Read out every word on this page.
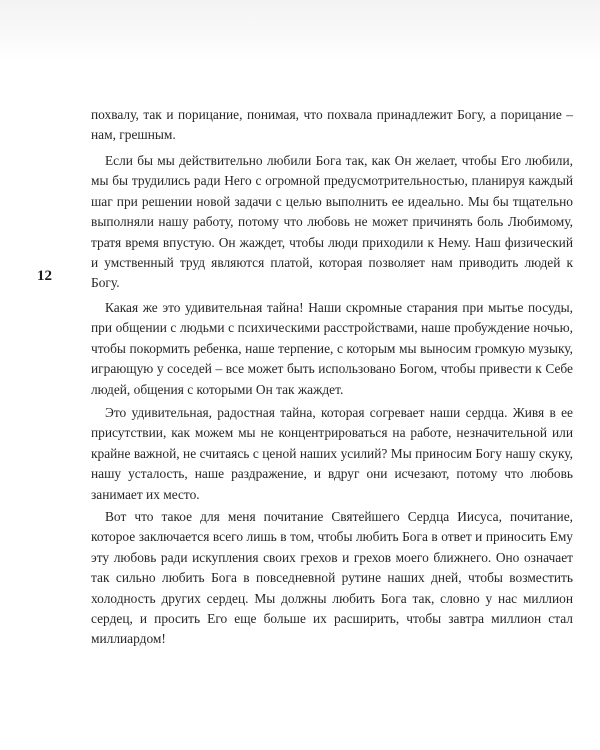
12

похвалу, так и порицание, понимая, что похвала принадлежит Богу, а порицание – нам, грешным.

Если бы мы действительно любили Бога так, как Он желает, чтобы Его любили, мы бы трудились ради Него с огромной предусмотрительностью, планируя каждый шаг при решении новой задачи с целью выполнить ее идеально. Мы бы тщательно выполняли нашу работу, потому что любовь не может причинять боль Любимому, тратя время впустую. Он жаждет, чтобы люди приходили к Нему. Наш физический и умственный труд являются платой, которая позволяет нам приводить людей к Богу.

Какая же это удивительная тайна! Наши скромные старания при мытье посуды, при общении с людьми с психическими расстройствами, наше пробуждение ночью, чтобы покормить ребенка, наше терпение, с которым мы выносим громкую музыку, играющую у соседей – все может быть использовано Богом, чтобы привести к Себе людей, общения с которыми Он так жаждет.

Это удивительная, радостная тайна, которая согревает наши сердца. Живя в ее присутствии, как можем мы не концентрироваться на работе, незначительной или крайне важной, не считаясь с ценой наших усилий? Мы приносим Богу нашу скуку, нашу усталость, наше раздражение, и вдруг они исчезают, потому что любовь занимает их место.

Вот что такое для меня почитание Святейшего Сердца Иисуса, почитание, которое заключается всего лишь в том, чтобы любить Бога в ответ и приносить Ему эту любовь ради искупления своих грехов и грехов моего ближнего. Оно означает так сильно любить Бога в повседневной рутине наших дней, чтобы возместить холодность других сердец. Мы должны любить Бога так, словно у нас миллион сердец, и просить Его еще больше их расширить, чтобы завтра миллион стал миллиардом!
